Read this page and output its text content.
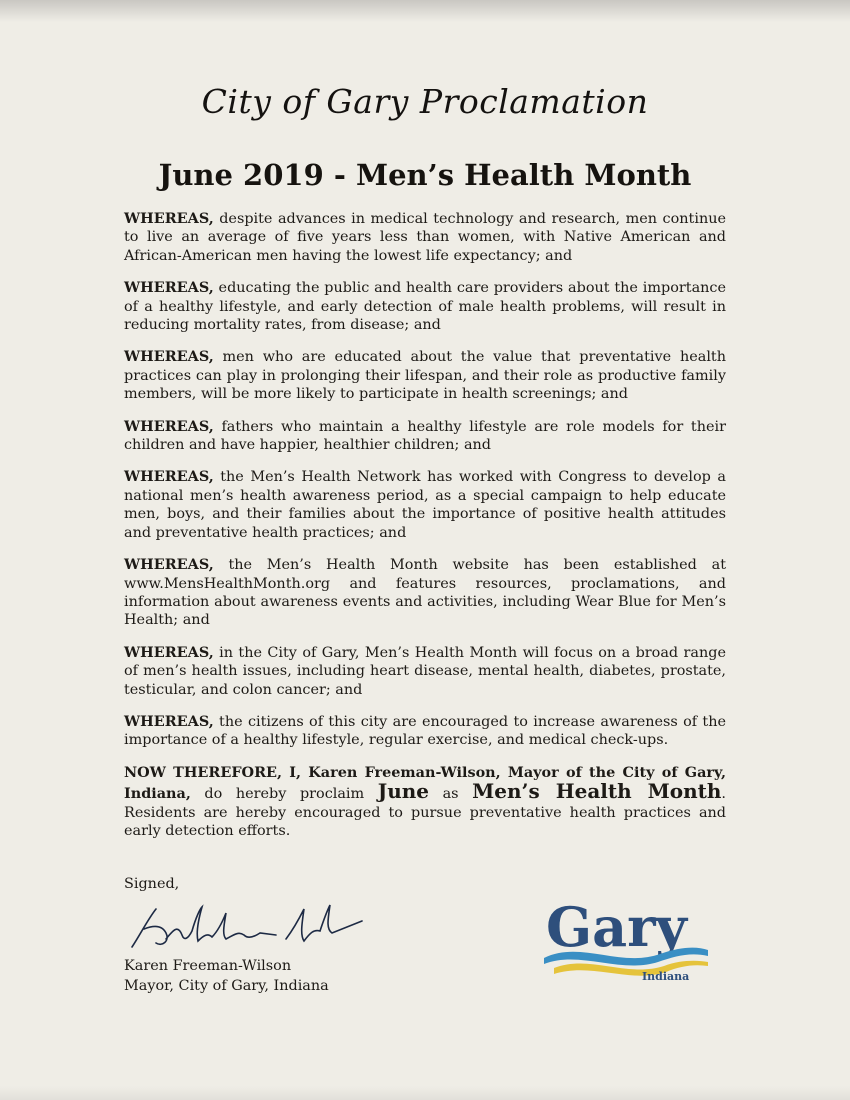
City of Gary Proclamation
June 2019 - Men’s Health Month

WHEREAS, despite advances in medical technology and research, men continue to live an average of five years less than women, with Native American and African-American men having the lowest life expectancy; and

WHEREAS, educating the public and health care providers about the importance of a healthy lifestyle, and early detection of male health problems, will result in reducing mortality rates, from disease; and

WHEREAS, men who are educated about the value that preventative health practices can play in prolonging their lifespan, and their role as productive family members, will be more likely to participate in health screenings; and

WHEREAS, fathers who maintain a healthy lifestyle are role models for their children and have happier, healthier children; and

WHEREAS, the Men’s Health Network has worked with Congress to develop a national men’s health awareness period, as a special campaign to help educate men, boys, and their families about the importance of positive health attitudes and preventative health practices; and

WHEREAS, the Men’s Health Month website has been established at www.MensHealthMonth.org and features resources, proclamations, and information about awareness events and activities, including Wear Blue for Men’s Health; and

WHEREAS, in the City of Gary, Men’s Health Month will focus on a broad range of men’s health issues, including heart disease, mental health, diabetes, prostate, testicular, and colon cancer; and

WHEREAS, the citizens of this city are encouraged to increase awareness of the importance of a healthy lifestyle, regular exercise, and medical check-ups.

NOW THEREFORE, I, Karen Freeman-Wilson, Mayor of the City of Gary, Indiana, do hereby proclaim June as Men’s Health Month. Residents are hereby encouraged to pursue preventative health practices and early detection efforts.

Signed,
Karen Freeman-Wilson
Mayor, City of Gary, Indiana
Gary
Indiana
